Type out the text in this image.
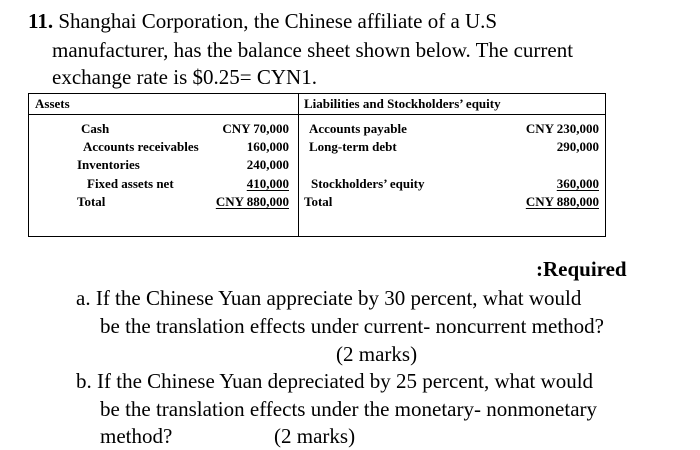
11. Shanghai Corporation, the Chinese affiliate of a U.S
manufacturer, has the balance sheet shown below. The current
exchange rate is $0.25= CYN1.
Assets	Liabilities and Stockholders’ equity
Cash
Accounts receivables
Inventories
Fixed assets net
Total
CNY 70,000
160,000
240,000
410,000
CNY 880,000
Accounts payable
Long-term debt
Stockholders’ equity
Total
CNY 230,000
290,000
360,000
CNY 880,000
:Required
a. If the Chinese Yuan appreciate by 30 percent, what would
be the translation effects under current- noncurrent method?
(2 marks)
b. If the Chinese Yuan depreciated by 25 percent, what would
be the translation effects under the monetary- nonmonetary
method?	(2 marks)
